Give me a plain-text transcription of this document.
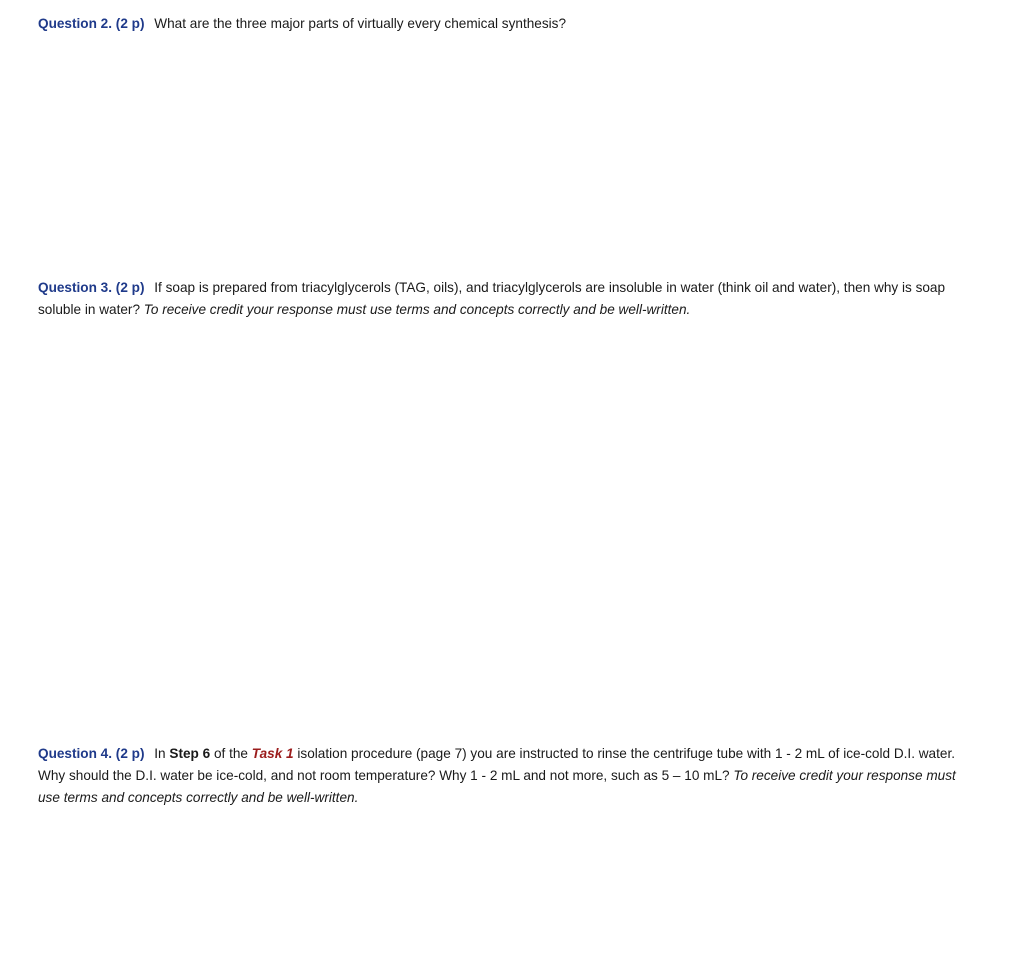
Question 2. (2 p) What are the three major parts of virtually every chemical synthesis?
Question 3. (2 p) If soap is prepared from triacylglycerols (TAG, oils), and triacylglycerols are insoluble in water (think oil and water), then why is soap soluble in water? To receive credit your response must use terms and concepts correctly and be well-written.
Question 4. (2 p) In Step 6 of the Task 1 isolation procedure (page 7) you are instructed to rinse the centrifuge tube with 1 - 2 mL of ice-cold D.I. water. Why should the D.I. water be ice-cold, and not room temperature? Why 1 - 2 mL and not more, such as 5 – 10 mL? To receive credit your response must use terms and concepts correctly and be well-written.
